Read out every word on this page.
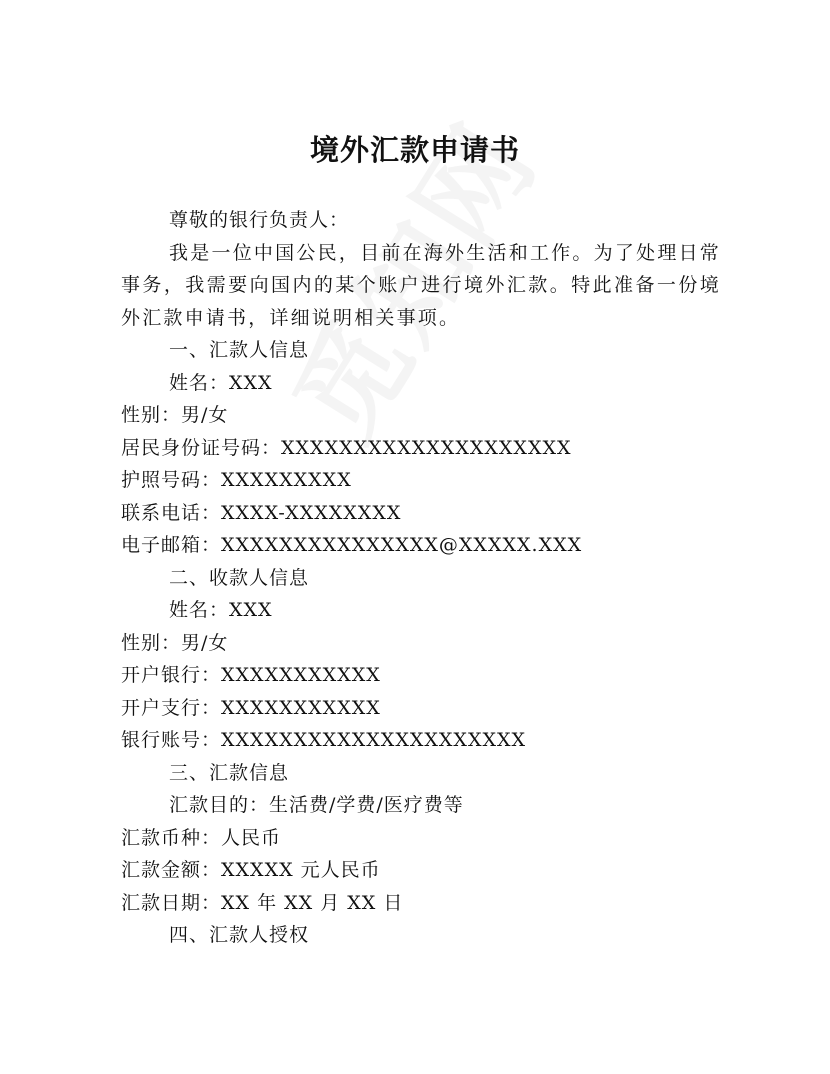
境外汇款申请书

尊敬的银行负责人：

我是一位中国公民，目前在海外生活和工作。为了处理日常事务，我需要向国内的某个账户进行境外汇款。特此准备一份境外汇款申请书，详细说明相关事项。

一、汇款人信息

姓名：XXX

性别：男/女

居民身份证号码：XXXXXXXXXXXXXXXXXXXX

护照号码：XXXXXXXXX

联系电话：XXXX-XXXXXXXX

电子邮箱：XXXXXXXXXXXXXXX@XXXXX.XXX

二、收款人信息

姓名：XXX

性别：男/女

开户银行：XXXXXXXXXXX

开户支行：XXXXXXXXXXX

银行账号：XXXXXXXXXXXXXXXXXXXXX

三、汇款信息

汇款目的：生活费/学费/医疗费等

汇款币种：人民币

汇款金额：XXXXX 元人民币

汇款日期：XX 年 XX 月 XX 日

四、汇款人授权
